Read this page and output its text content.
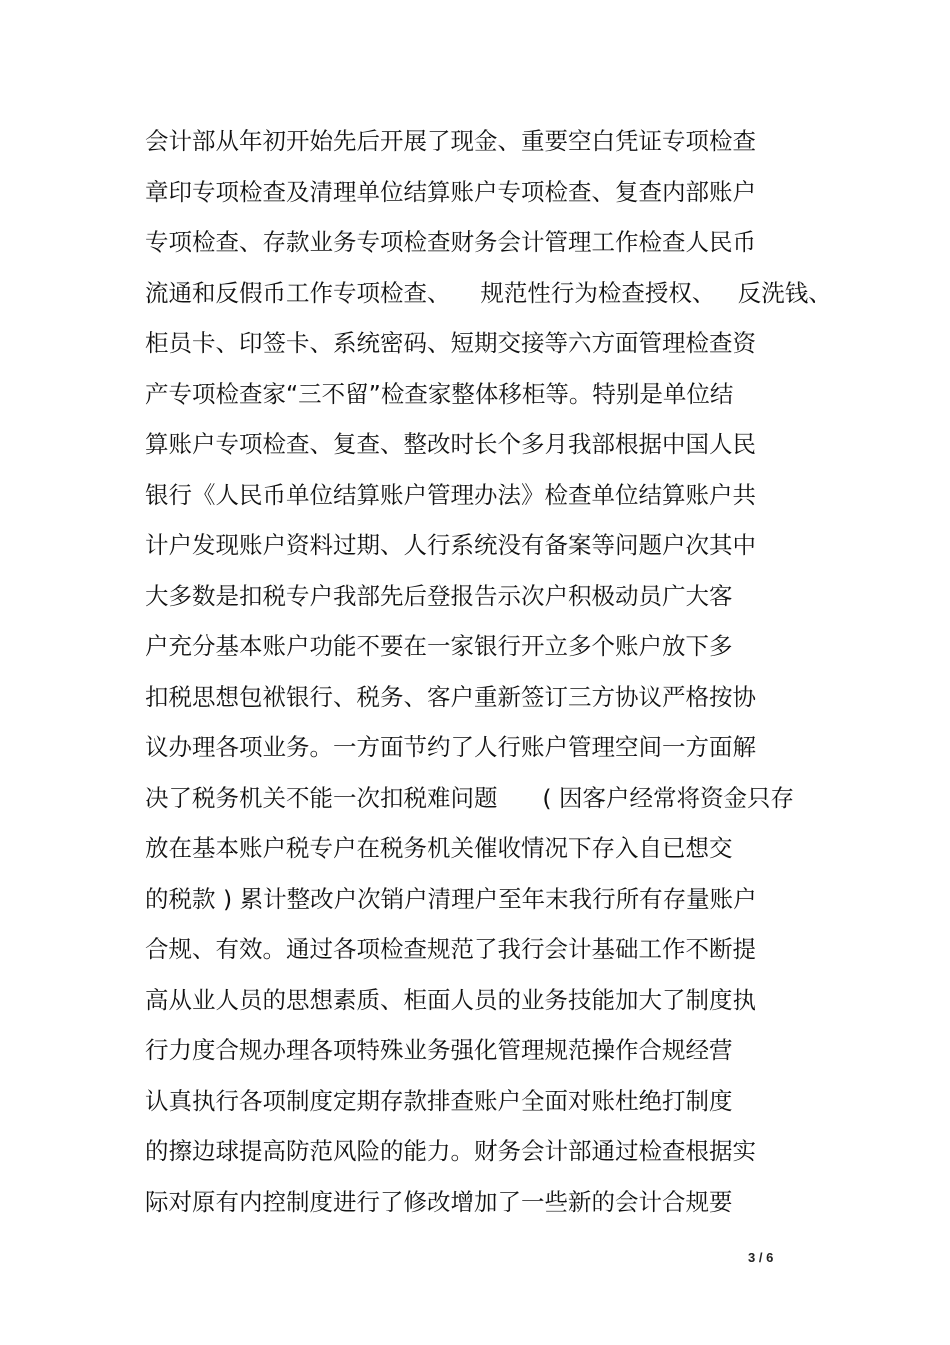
会计部从年初开始先后开展了现金、重要空白凭证专项检查
章印专项检查及清理单位结算账户专项检查、复查内部账户
专项检查、存款业务专项检查财务会计管理工作检查人民币
流通和反假币工作专项检查、    规范性行为检查授权、   反洗钱、
柜员卡、印签卡、系统密码、短期交接等六方面管理检查资
产专项检查家“三不留”检查家整体移柜等。特别是单位结
算账户专项检查、复查、整改时长个多月我部根据中国人民
银行《人民币单位结算账户管理办法》检查单位结算账户共
计户发现账户资料过期、人行系统没有备案等问题户次其中
大多数是扣税专户我部先后登报告示次户积极动员广大客
户充分基本账户功能不要在一家银行开立多个账户放下多
扣税思想包袱银行、税务、客户重新签订三方协议严格按协
议办理各项业务。一方面节约了人行账户管理空间一方面解
决了税务机关不能一次扣税难问题      ( 因客户经常将资金只存
放在基本账户税专户在税务机关催收情况下存入自已想交
的税款 ) 累计整改户次销户清理户至年末我行所有存量账户
合规、有效。通过各项检查规范了我行会计基础工作不断提
高从业人员的思想素质、柜面人员的业务技能加大了制度执
行力度合规办理各项特殊业务强化管理规范操作合规经营
认真执行各项制度定期存款排查账户全面对账杜绝打制度
的擦边球提高防范风险的能力。财务会计部通过检查根据实
际对原有内控制度进行了修改增加了一些新的会计合规要
3 / 6
